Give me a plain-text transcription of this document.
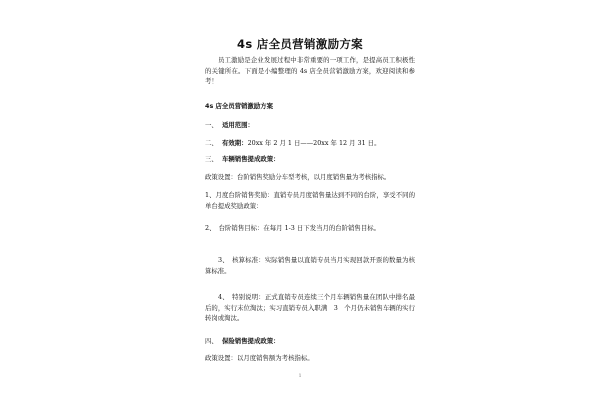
4s 店全员营销激励方案

员工激励是企业发展过程中非常重要的一项工作，是提高员工积极性的关键所在。下面是小编整理的 4s 店全员营销激励方案，欢迎阅读和参考！

4s 店全员营销激励方案
一、 适用范围：
二、 有效期：20xx 年 2 月 1 日——20xx 年 12 月 31 日。
三、 车辆销售提成政策：

政策设置：台阶销售奖励分车型考核，以月度销售量为考核指标。

1、月度台阶销售奖励：直销专员月度销售量达到不同的台阶，享受不同的单台提成奖励政策：

2、　台阶销售目标：在每月 1-3 日下发当月的台阶销售目标。

3、　核算标准：实际销售量以直销专员当月实现回款开票的数量为核算标准。

4、　特别说明：正式直销专员连续三个月车辆销售量在团队中排名最后的，实行末位淘汰；实习直销专员入职满　3　个月仍未销售车辆的实行转岗或淘汰。

四、 保险销售提成政策：

政策设置：以月度销售额为考核指标。

1
